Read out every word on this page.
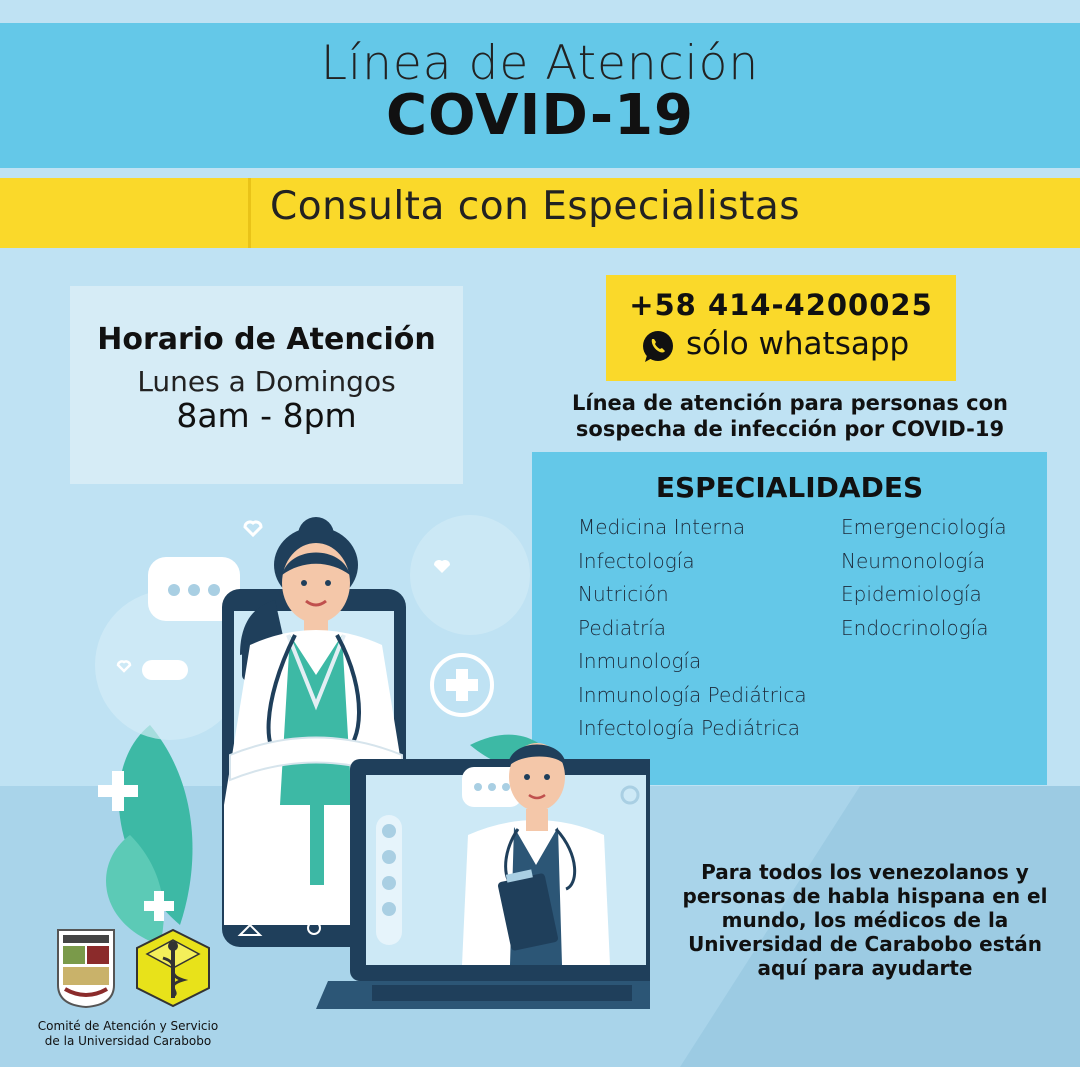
Línea de Atención
COVID-19
Consulta con Especialistas
Horario de Atención
Lunes a Domingos
8am - 8pm
+58 414-4200025
sólo whatsapp
Línea de atención para personas con
sospecha de infección por COVID-19
ESPECIALIDADES
Medicina Interna
Infectología
Nutrición
Pediatría
Inmunología
Inmunología Pediátrica
Infectología Pediátrica
Emergenciología
Neumonología
Epidemiología
Endocrinología
Para todos los venezolanos y
personas de habla hispana en el
mundo, los médicos de la
Universidad de Carabobo están
aquí para ayudarte
Comité de Atención y Servicio
de la Universidad Carabobo
